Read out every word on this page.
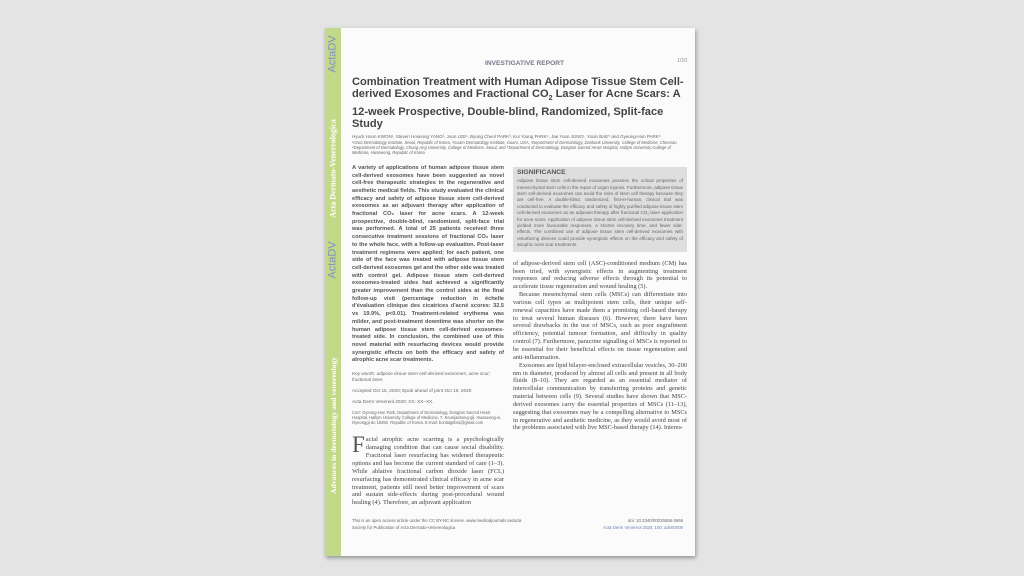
ActaDV
Acta Dermato-Venereologica
ActaDV
Advances in dermatology and venereology
INVESTIGATIVE REPORT	1/10
Combination Treatment with Human Adipose Tissue Stem Cell-derived Exosomes and Fractional $CO_2$ Laser for Acne Scars: A 12-week Prospective, Double-blind, Randomized, Split-face Study
Hyuck Hoon KWON¹, Steven Hoseong YANG², Joon LEE¹, Byung Cheol PARK³, Kui Young PARK⁴, Jae Yoon JUNG¹, Youin BAE⁵ and Gyeong-Hun PARK⁵
¹Oaro Dermatology Institute, Seoul, Republic of Korea, ²Guam Dermatology Institute, Guam, USA, ³Department of Dermatology, Dankook University, College of Medicine, Cheonan, ⁴Department of Dermatology, Chung-Ang University, College of Medicine, Seoul, and ⁵Department of Dermatology, Dongtan Sacred Heart Hospital, Hallym University College of Medicine, Hwaseong, Republic of Korea
A variety of applications of human adipose tissue stem cell-derived exosomes have been suggested as novel cell-free therapeutic strategies in the regenerative and aesthetic medical fields. This study evaluated the clinical efficacy and safety of adipose tissue stem cell-derived exosomes as an adjuvant therapy after application of fractional CO₂ laser for acne scars. A 12-week prospective, double-blind, randomized, split-face trial was performed. A total of 25 patients received three consecutive treatment sessions of fractional CO₂ laser to the whole face, with a follow-up evaluation. Post-laser treatment regimens were applied; for each patient, one side of the face was treated with adipose tissue stem cell-derived exosomes gel and the other side was treated with control gel. Adipose tissue stem cell-derived exosomes-treated sides had achieved a significantly greater improvement than the control sides at the final follow-up visit (percentage reduction in échelle d'évaluation clinique des cicatrices d'acné scores: 32.5 vs 19.9%, p<0.01). Treatment-related erythema was milder, and post-treatment downtime was shorter on the human adipose tissue stem cell-derived exosomes-treated side. In conclusion, the combined use of this novel material with resurfacing devices would provide synergistic effects on both the efficacy and safety of atrophic acne scar treatments.

Key words: adipose tissue stem cell-derived exosomes; acne scar; fractional laser.

Accepted Oct 15, 2020; Epub ahead of print Oct 19, 2020

Acta Derm Venereol 2020; XX: XX–XX.

Corr: Gyeong-Hun Park, Department of Dermatology, Dongtan Sacred Heart Hospital, Hallym University College of Medicine, 7, Keunjaebong-gil, Hwaseong-si, Gyeonggi-do 18450, Republic of Korea. E-mail: bonlalgebra@gmail.com

Facial atrophic acne scarring is a psychologically damaging condition that can cause social disability. Fractional laser resurfacing has widened therapeutic options and has become the current standard of care (1–3). While ablative fractional carbon dioxide laser (FCL) resurfacing has demonstrated clinical efficacy in acne scar treatment, patients still need better improvement of scars and sustain side-effects during post-procedural wound healing (4). Therefore, an adjuvant application
SIGNIFICANCE
Adipose tissue stem cell-derived exosomes possess the critical properties of mesenchymal stem cells in the repair of organ injuries. Furthermore, adipose tissue stem cell-derived exosomes can avoid the risks of stem cell therapy because they are cell-free. A double-blind, randomized, first-in-human, clinical trial was conducted to evaluate the efficacy and safety of highly purified adipose tissue stem cell-derived exosomes as an adjuvant therapy after fractional CO₂ laser application for acne scars. Application of adipose tissue stem cell-derived exosomes treatment yielded more favourable responses, a shorter recovery time, and fewer side-effects. The combined use of adipose tissue stem cell-derived exosomes with resurfacing devices could provide synergistic effects on the efficacy and safety of atrophic acne scar treatments.

of adipose-derived stem cell (ASC)-conditioned medium (CM) has been tried, with synergistic effects in augmenting treatment responses and reducing adverse effects through its potential to accelerate tissue regeneration and wound healing (5).

Because mesenchymal stem cells (MSCs) can differentiate into various cell types as multipotent stem cells, their unique self-renewal capacities have made them a promising cell-based therapy to treat several human diseases (6). However, there have been several drawbacks in the use of MSCs, such as poor engraftment efficiency, potential tumour formation, and difficulty in quality control (7). Furthermore, paracrine signalling of MSCs is reported to be essential for their beneficial effects on tissue regeneration and anti-inflammation.

Exosomes are lipid bilayer-enclosed extracellular vesicles, 30–200 nm in diameter, produced by almost all cells and present in all body fluids (8–10). They are regarded as an essential mediator of intercellular communication by transferring proteins and genetic material between cells (9). Several studies have shown that MSC-derived exosomes carry the essential properties of MSCs (11–13), suggesting that exosomes may be a compelling alternative to MSCs in regenerative and aesthetic medicine, as they would avoid most of the problems associated with live MSC-based therapy (14). Interes-

This is an open access article under the CC BY-NC license. www.medicaljournals.se/acta
Society for Publication of Acta Dermato-Venereologica
doi: 10.2340/00015555-3666
Acta Derm Venereol 2020; 100: adv00000
